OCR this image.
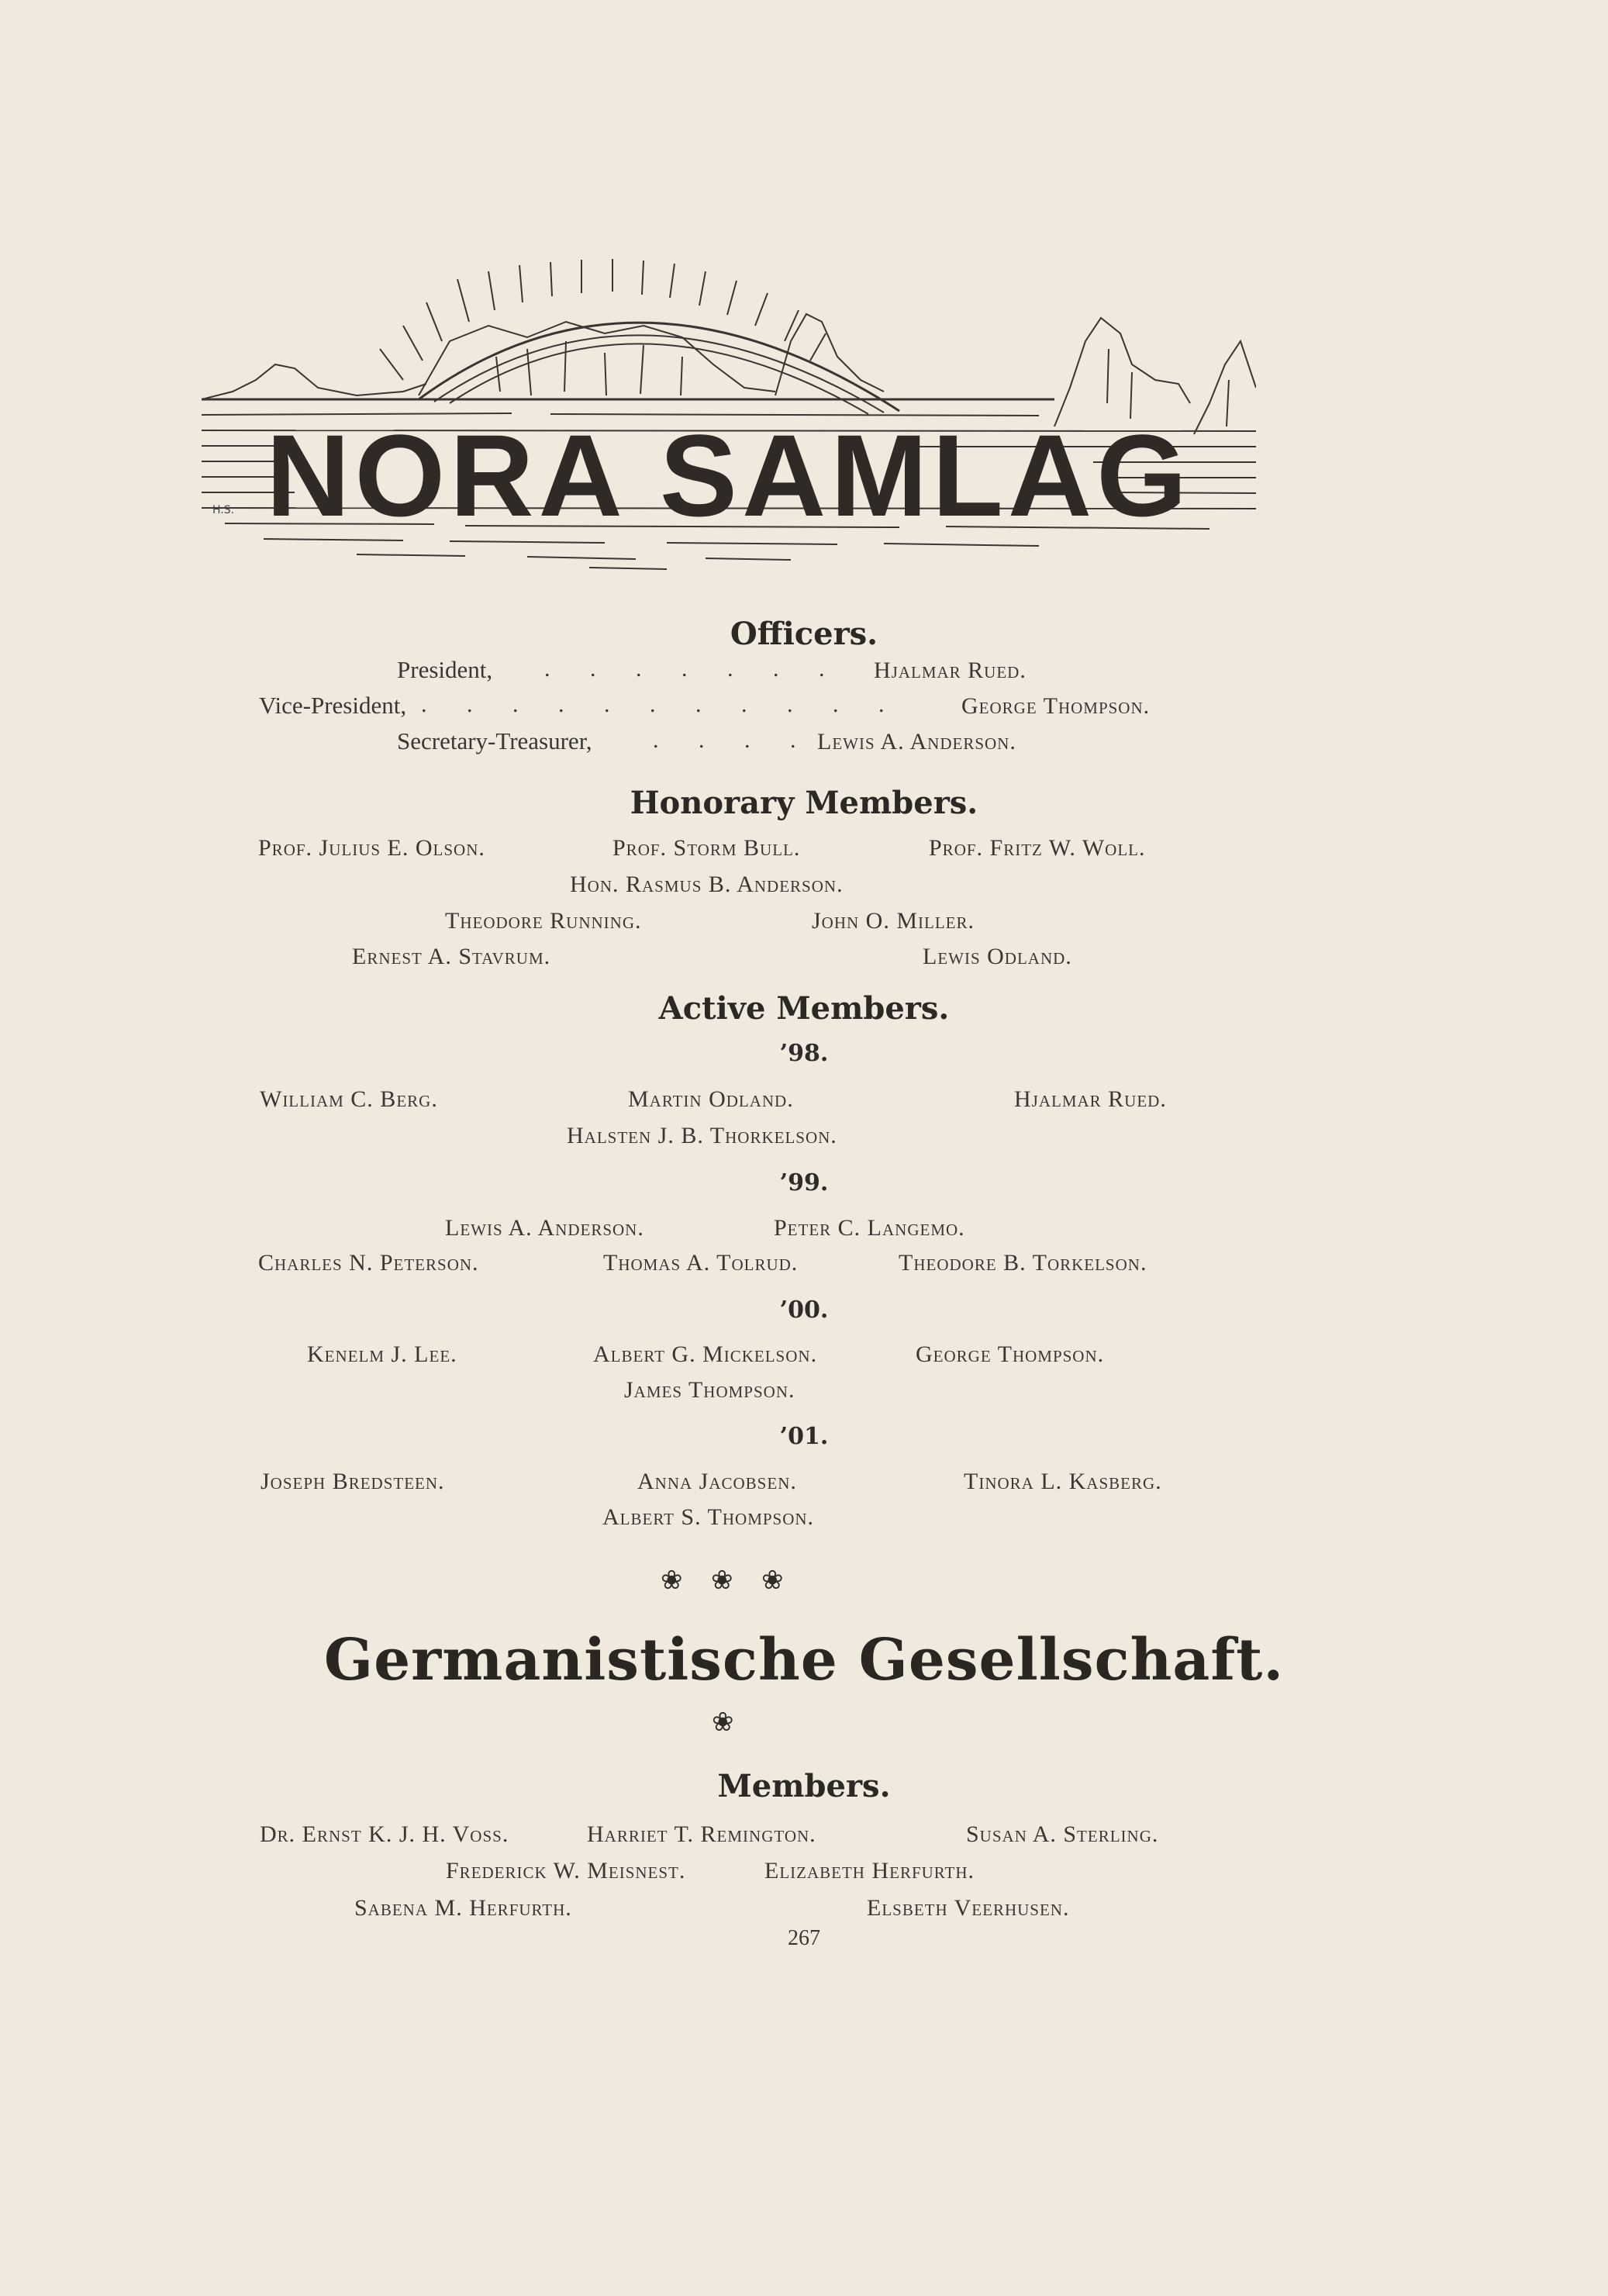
NORA SAMLAG
H.S.
Officers.
President, . . . . . . . Hjalmar Rued.
Vice-President, . . . . . . . . . . .	George Thompson.
Secretary-Treasurer,	. . . . Lewis A. Anderson.
Honorary Members.
Prof. Julius E. Olson.	Prof. Storm Bull.	Prof. Fritz W. Woll.
Hon. Rasmus B. Anderson.
Theodore Running.	John O. Miller.
Ernest A. Stavrum.	Lewis Odland.
Active Members.
’98.
William C. Berg.	Martin Odland.	Hjalmar Rued.
Halsten J. B. Thorkelson.
’99.
Lewis A. Anderson.	Peter C. Langemo.
Charles N. Peterson.	Thomas A. Tolrud.	Theodore B. Torkelson.
’00.
Kenelm J. Lee.	Albert G. Mickelson.	George Thompson.
James Thompson.
’01.
Joseph Bredsteen.	Anna Jacobsen.	Tinora L. Kasberg.
Albert S. Thompson.
❀ ❀ ❀
Germanistische Gesellschaft.
❀
Members.
Dr. Ernst K. J. H. Voss.	Harriet T. Remington.	Susan A. Sterling.
Frederick W. Meisnest.	Elizabeth Herfurth.
Sabena M. Herfurth.	Elsbeth Veerhusen.
267
